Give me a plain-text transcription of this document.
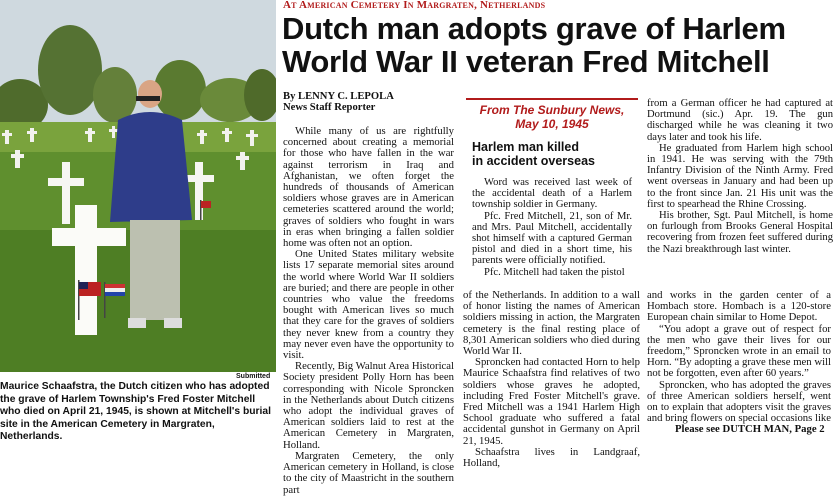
Submitted
Maurice Schaafstra, the Dutch citizen who has adopted the grave of Harlem Township's Fred Foster Mitchell who died on April 21, 1945, is shown at Mitchell's burial site in the American Cemetery in Margraten, Netherlands.
At American Cemetery In Margraten, Netherlands
Dutch man adopts grave of Harlem World War II veteran Fred Mitchell
By LENNY C. LEPOLA
News Staff Reporter

While many of us are rightfully concerned about creating a memorial for those who have fallen in the war against terrorism in Iraq and Afghanistan, we often forget the hundreds of thousands of American soldiers whose graves are in American cemeteries scattered around the world; graves of soldiers who fought in wars in eras when bringing a fallen soldier home was often not an option.

One United States military website lists 17 separate memorial sites around the world where World War II soldiers are buried; and there are people in other countries who value the freedoms bought with American lives so much that they care for the graves of soldiers they never knew from a country they may never even have the opportunity to visit.

Recently, Big Walnut Area Historical Society president Polly Horn has been corresponding with Nicole Sproncken in the Netherlands about Dutch citizens who adopt the individual graves of American soldiers laid to rest at the American Cemetery in Margraten, Holland.

Margraten Cemetery, the only American cemetery in Holland, is close to the city of Maastricht in the southern part

From The Sunbury News,
May 10, 1945
Harlem man killed
in accident overseas

Word was received last week of the accidental death of a Harlem township soldier in Germany.

Pfc. Fred Mitchell, 21, son of Mr. and Mrs. Paul Mitchell, accidentally shot himself with a captured German pistol and died in a short time, his parents were officially notified.

Pfc. Mitchell had taken the pistol

from a German officer he had captured at Dortmund (sic.) Apr. 19. The gun discharged while he was cleaning it two days later and took his life.

He graduated from Harlem high school in 1941. He was serving with the 79th Infantry Division of the Ninth Army. Fred went overseas in January and had been up to the front since Jan. 21 His unit was the first to spearhead the Rhine Crossing.

His brother, Sgt. Paul Mitchell, is home on furlough from Brooks General Hospital recovering from frozen feet suffered during the Nazi breakthrough last winter.

of the Netherlands. In addition to a wall of honor listing the names of American soldiers missing in action, the Margraten cemetery is the final resting place of 8,301 American soldiers who died during World War II.

Sproncken had contacted Horn to help Maurice Schaafstra find relatives of two soldiers whose graves he adopted, including Fred Foster Mitchell's grave. Fred Mitchell was a 1941 Harlem High School graduate who suffered a fatal accidental gunshot in Germany on April 21, 1945.

Schaafstra lives in Landgraaf, Holland,

and works in the garden center of a Hombach store. Hombach is a 120-store European chain similar to Home Depot.

“You adopt a grave out of respect for the men who gave their lives for our freedom,” Sproncken wrote in an email to Horn. “By adopting a grave these men will not be forgotten, even after 60 years.”

Sproncken, who has adopted the graves of three American soldiers herself, went on to explain that adopters visit the graves and bring flowers on special occasions like

Please see DUTCH MAN, Page 2
